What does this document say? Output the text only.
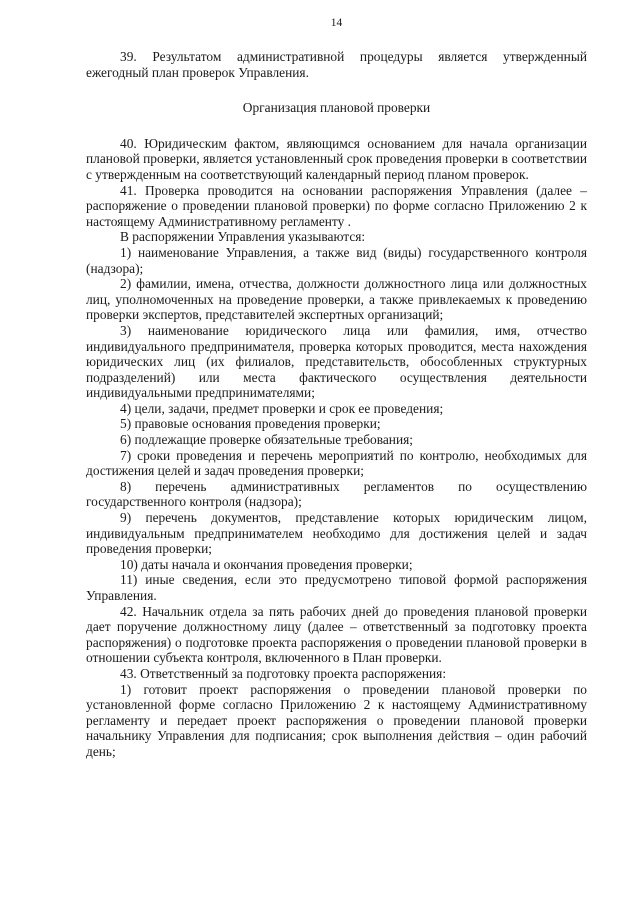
14

39. Результатом административной процедуры является утвержденный ежегодный план проверок Управления.

Организация плановой проверки

40. Юридическим фактом, являющимся основанием для начала организации плановой проверки, является установленный срок проведения проверки в соответствии с утвержденным на соответствующий календарный период планом проверок.

41. Проверка проводится на основании распоряжения Управления (далее – распоряжение о проведении плановой проверки) по форме согласно Приложению 2 к настоящему Административному регламенту .

В распоряжении Управления указываются:

1) наименование Управления, а также вид (виды) государственного контроля (надзора);

2) фамилии, имена, отчества, должности должностного лица или должностных лиц, уполномоченных на проведение проверки, а также привлекаемых к проведению проверки экспертов, представителей экспертных организаций;

3) наименование юридического лица или фамилия, имя, отчество индивидуального предпринимателя, проверка которых проводится, места нахождения юридических лиц (их филиалов, представительств, обособленных структурных подразделений) или места фактического осуществления деятельности индивидуальными предпринимателями;

4) цели, задачи, предмет проверки и срок ее проведения;

5) правовые основания проведения проверки;

6) подлежащие проверке обязательные требования;

7) сроки проведения и перечень мероприятий по контролю, необходимых для достижения целей и задач проведения проверки;

8) перечень административных регламентов по осуществлению государственного контроля (надзора);

9) перечень документов, представление которых юридическим лицом, индивидуальным предпринимателем необходимо для достижения целей и задач проведения проверки;

10) даты начала и окончания проведения проверки;

11) иные сведения, если это предусмотрено типовой формой распоряжения Управления.

42. Начальник отдела за пять рабочих дней до проведения плановой проверки дает поручение должностному лицу (далее – ответственный за подготовку проекта распоряжения) о подготовке проекта распоряжения о проведении плановой проверки в отношении субъекта контроля, включенного в План проверки.

43. Ответственный за подготовку проекта распоряжения:

1) готовит проект распоряжения о проведении плановой проверки по установленной форме согласно Приложению 2 к настоящему Административному регламенту и передает проект распоряжения о проведении плановой проверки начальнику Управления для подписания; срок выполнения действия – один рабочий день;
